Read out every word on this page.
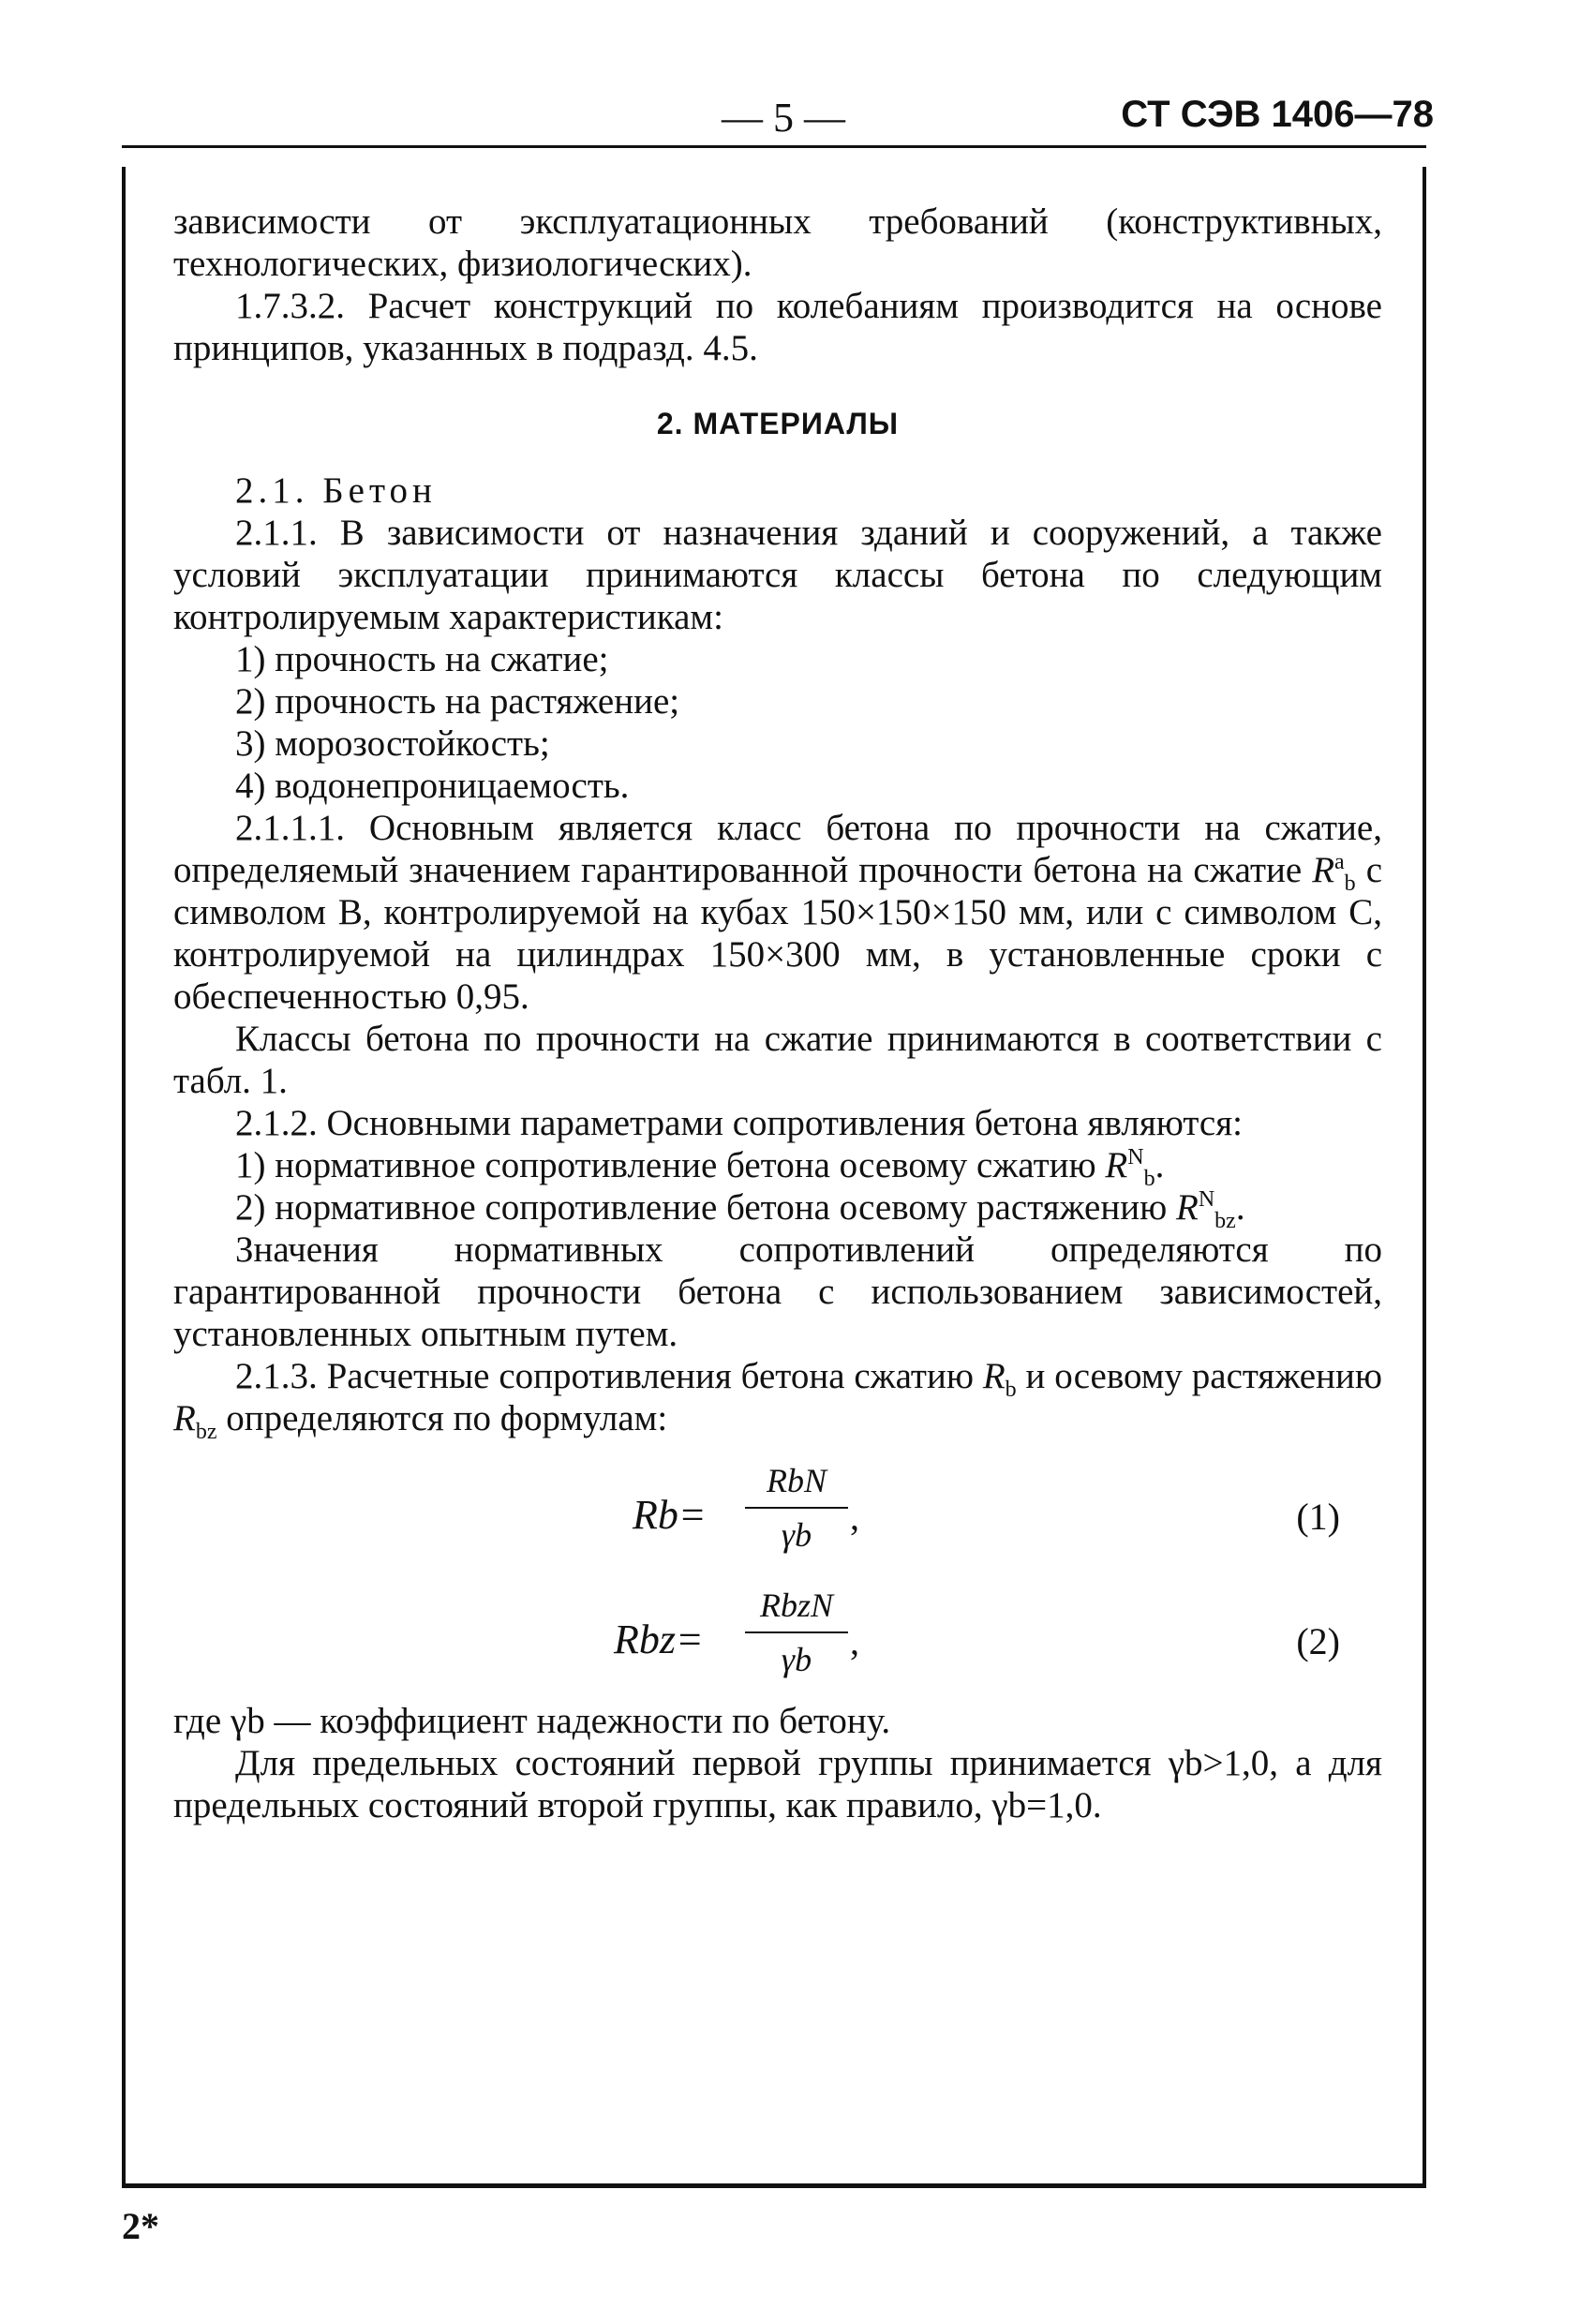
— 5 —	СТ СЭВ 1406—78
2*

зависимости от эксплуатационных требований (конструктивных, технологических, физиологических).

1.7.3.2. Расчет конструкций по колебаниям производится на основе принципов, указанных в подразд. 4.5.

2. МАТЕРИАЛЫ

2.1. Бетон

2.1.1. В зависимости от назначения зданий и сооружений, а также условий эксплуатации принимаются классы бетона по следующим контролируемым характеристикам:

1) прочность на сжатие;

2) прочность на растяжение;

3) морозостойкость;

4) водонепроницаемость.

2.1.1.1. Основным является класс бетона по прочности на сжатие, определяемый значением гарантированной прочности бетона на сжатие $R^a_b$ с символом В, контролируемой на кубах 150×150×150 мм, или с символом С, контролируемой на цилиндрах 150×300 мм, в установленные сроки с обеспеченностью 0,95.

Классы бетона по прочности на сжатие принимаются в соответствии с табл. 1.

2.1.2. Основными параметрами сопротивления бетона являются:

1) нормативное сопротивление бетона осевому сжатию $R^N_b$.

2) нормативное сопротивление бетона осевому растяжению $R^N_{bz}$.

Значения нормативных сопротивлений определяются по гарантированной прочности бетона с использованием зависимостей, установленных опытным путем.

2.1.3. Расчетные сопротивления бетона сжатию $R_b$ и осевому растяжению $R_{bz}$ определяются по формулам:

Rb=
RbN
γb	,	(1)
Rbz=
RbzN
γb	,	(2)

где γb — коэффициент надежности по бетону.

Для предельных состояний первой группы принимается γb>1,0, а для предельных состояний второй группы, как правило, γb=1,0.
